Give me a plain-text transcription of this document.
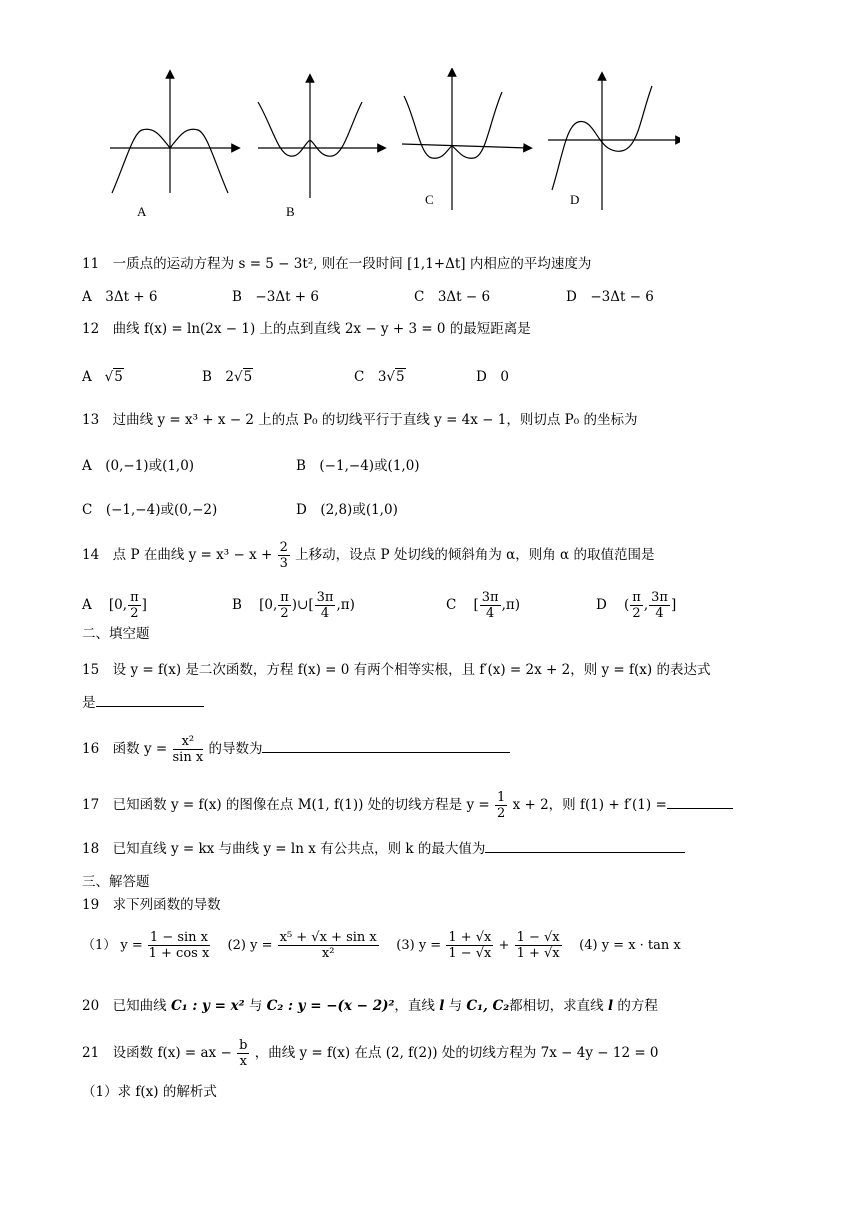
A	B
C	D
11　一质点的运动方程为 s = 5 − 3t², 则在一段时间 [1,1+Δt] 内相应的平均速度为
A　3Δt + 6	B　−3Δt + 6	C　3Δt − 6	D　−3Δt − 6
12　曲线 f(x) = ln(2x − 1) 上的点到直线 2x − y + 3 = 0 的最短距离是
A   √5	B　2√5	C　3√5	D　0
13　过曲线 y = x³ + x − 2 上的点 P₀ 的切线平行于直线 y = 4x − 1，则切点 P₀ 的坐标为
A　(0,−1)或(1,0)	B　(−1,−4)或(1,0)
C　(−1,−4)或(0,−2)	D　(2,8)或(1,0)
14　点 P 在曲线 $y = x^3 - x + \frac{2}{3}$ 上移动，设点 P 处切线的倾斜角为 α，则角 α 的取值范围是
A    [0, $\frac{\pi}{2}$ ]	B    [0, $\frac{\pi}{2}$ )∪[ $\frac{3\pi}{4} ,\pi$)	C    [ $\frac{3\pi}{4} ,\pi$)	D    ( $\frac{\pi}{2}$ , $\frac{3\pi}{4}$ ]
二、填空题
15　设 y = f(x) 是二次函数，方程 f(x) = 0 有两个相等实根，且 f′(x) = 2x + 2，则 y = f(x) 的表达式
是
16　函数 $y = \frac{\text{x²}}{\text{sin x}}$ 的导数为
17　已知函数 y = f(x) 的图像在点 M(1, f(1)) 处的切线方程是 $y = \frac{1}{2}$ x + 2，则 f(1) + f′(1) =
18　已知直线 y = kx 与曲线 y = ln x 有公共点，则 k 的最大值为
三、解答题
19　求下列函数的导数
（1） $y = \frac{\text{1 − sin x}}{\text{1 + cos x}} (2) y = \frac{\text{x⁵ + √x + sin x}}{\text{x²}} (3) y = \frac{1 + √x}{1 - √x} + \frac{1 - √x}{1 + √x} (4) y = x \cdot \tan x$
20　已知曲线 C₁ : y = x² 与 C₂ : y = −(x − 2)²，直线 l 与 C₁, C₂都相切，求直线 l 的方程
21　设函数 f(x) = ax − $\frac{b}{x}$ ，曲线 y = f(x) 在点 (2, f(2)) 处的切线方程为 7x − 4y − 12 = 0
（1）求 f(x) 的解析式
